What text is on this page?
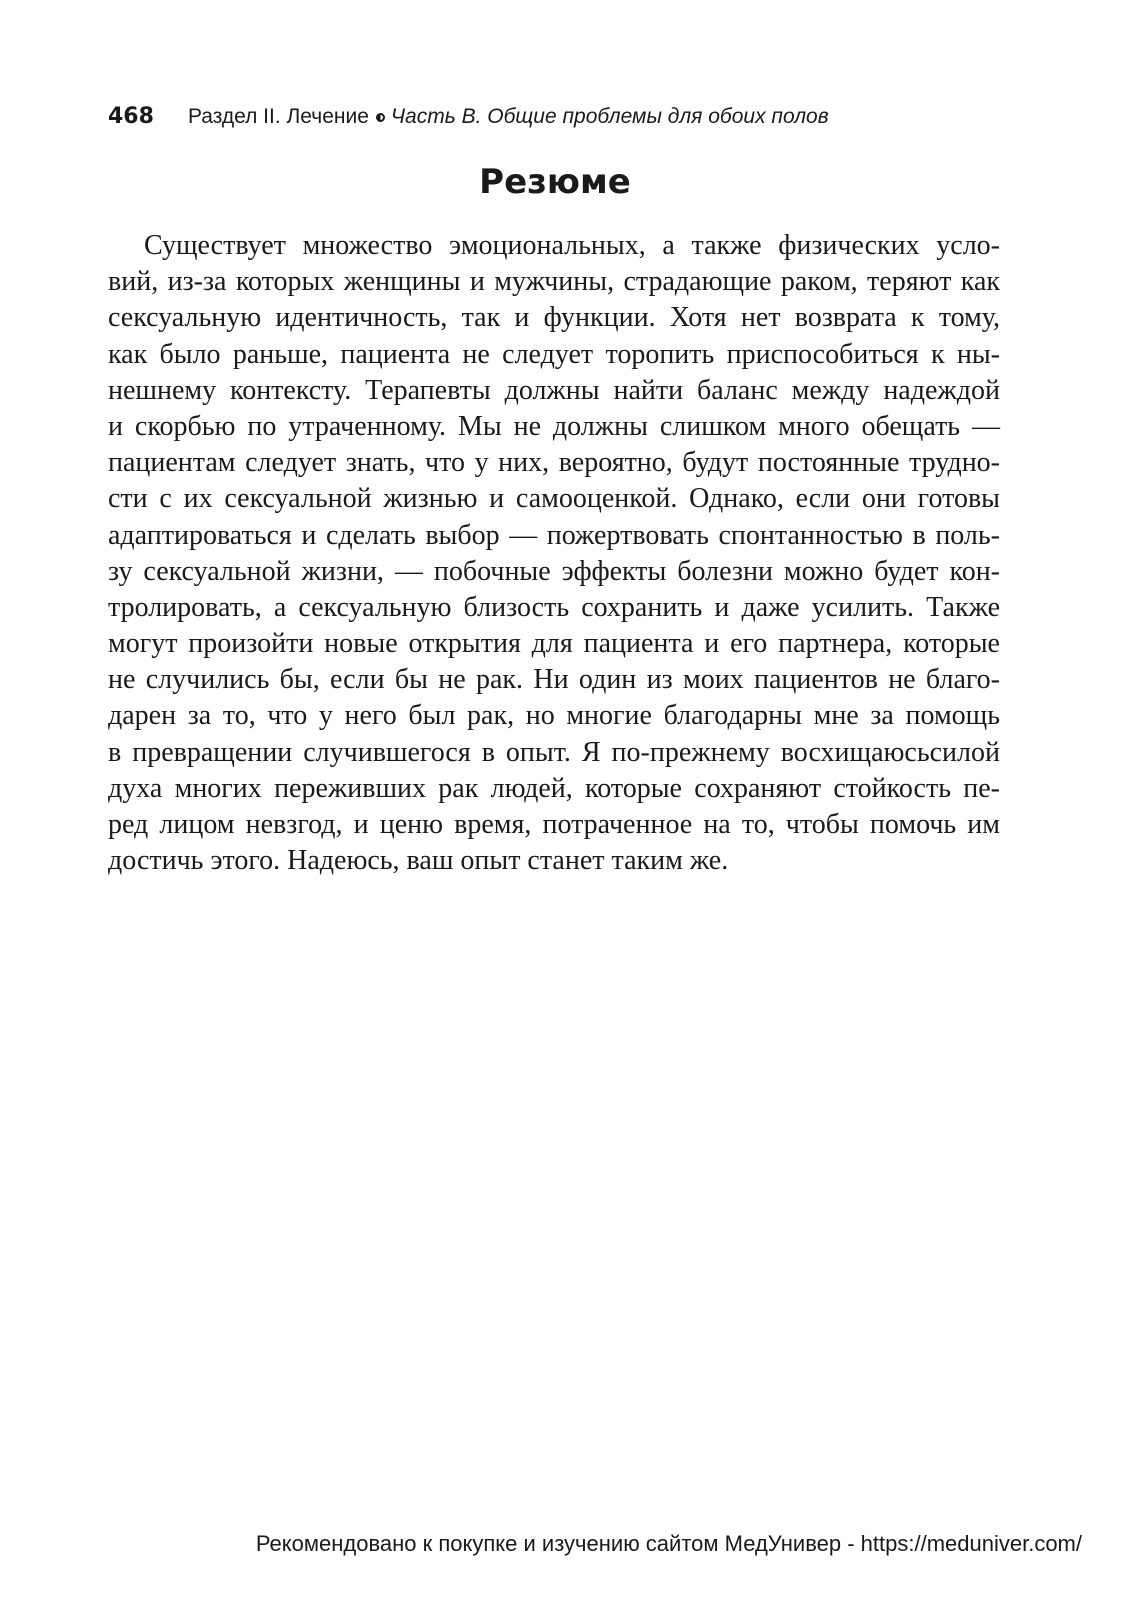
468 Раздел II. Лечение Часть В. Общие проблемы для обоих полов
Резюме
Существует множество эмоциональных, а также физических усло-
вий, из-за которых женщины и мужчины, страдающие раком, теряют как
сексуальную идентичность, так и функции. Хотя нет возврата к тому,
как было раньше, пациента не следует торопить приспособиться к ны-
нешнему контексту. Терапевты должны найти баланс между надеждой
и скорбью по утраченному. Мы не должны слишком много обещать —
пациентам следует знать, что у них, вероятно, будут постоянные трудно-
сти с их сексуальной жизнью и самооценкой. Однако, если они готовы
адаптироваться и сделать выбор — пожертвовать спонтанностью в поль-
зу сексуальной жизни, — побочные эффекты болезни можно будет кон-
тролировать, а сексуальную близость сохранить и даже усилить. Также
могут произойти новые открытия для пациента и его партнера, которые
не случились бы, если бы не рак. Ни один из моих пациентов не благо-
дарен за то, что у него был рак, но многие благодарны мне за помощь
в превращении случившегося в опыт. Я по-прежнему восхищаюсьсилой
духа многих переживших рак людей, которые сохраняют стойкость пе-
ред лицом невзгод, и ценю время, потраченное на то, чтобы помочь им
достичь этого. Надеюсь, ваш опыт станет таким же.
Рекомендовано к покупке и изучению сайтом МедУнивер - https://meduniver.com/
